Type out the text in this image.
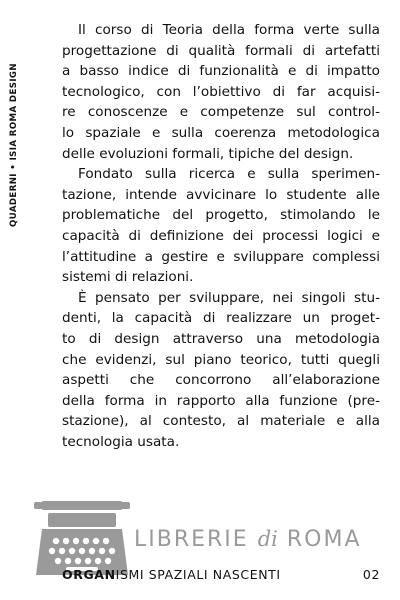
QUADERNI • ISIA ROMA DESIGN
Il corso di Teoria della forma verte sulla
progettazione di qualità formali di artefatti
a basso indice di funzionalità e di impatto
tecnologico, con l’obiettivo di far acquisi-
re conoscenze e competenze sul control-
lo spaziale e sulla coerenza metodologica
delle evoluzioni formali, tipiche del design.
Fondato sulla ricerca e sulla sperimen-
tazione, intende avvicinare lo studente alle
problematiche del progetto, stimolando le
capacità di definizione dei processi logici e
l’attitudine a gestire e sviluppare complessi
sistemi di relazioni.
È pensato per sviluppare, nei singoli stu-
denti, la capacità di realizzare un proget-
to di design attraverso una metodologia
che evidenzi, sul piano teorico, tutti quegli
aspetti che concorrono all’elaborazione
della forma in rapporto alla funzione (pre-
stazione), al contesto, al materiale e alla
tecnologia usata.
LIBRERIE di ROMA
ORGANISMI SPAZIALI NASCENTI	02
